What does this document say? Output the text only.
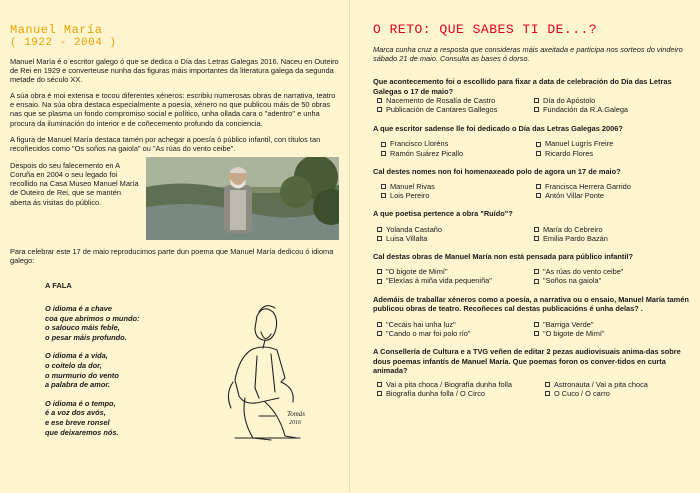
Manuel María
( 1922 - 2004 )

Manuel María é o escritor galego ó que se dedica o Día das Letras Galegas 2016. Naceu en Outeiro de Rei en 1929 e converteuse nunha das figuras máis importantes da literatura galega da segunda metade do século XX.

A súa obra é moi extensa e tocou diferentes xéneros: escribiu numerosas obras de narrativa, teatro e ensaio. Na súa obra destaca especialmente a poesía, xénero no que publicou máis de 50 obras nas que se plasma un fondo compromiso social e político, unha ollada cara o "adentro" e unha procura da iluminación do interior e de coñecemento profundo da conciencia.

A figura de Manuel María destaca tamén por achegar a poesía ó público infantil, con títulos tan recoñecidos como "Os soños na gaiola" ou "As rúas do vento ceibe".

Despois do seu falecemento en A Coruña en 2004 o seu legado foi recollido na Casa Museo Manuel María de Outeiro de Rei, que se mantén aberta ás visitas do público.

Para celebrar este 17 de maio reproducimos parte dun poema que Manuel María dedicou ó idioma galego:

A FALA
O idioma é a chave
coa que abrimos o mundo:
o salouco máis feble,
o pesar máis profundo.
O idioma é a vida,
o coitelo da dor,
o murmurio do vento
a palabra de amor.
O idioma é o tempo,
é a voz dos avós,
e ese breve ronsel
que deixaremos nós.
Tomás
2016
O RETO: QUE SABES TI DE...?
Marca cunha cruz a resposta que consideras máis axeitada e participa nos sorteos do vindeiro sábado 21 de maio. Consulta as bases ó dorso.
Que acontecemento foi o escollido para fixar a data de celebración do Día das Letras Galegas o 17 de maio?
Nacemento de Rosalía de Castro	Día do Apóstolo
Publicación de Cantares Gallegos	Fundación da R.A.Galega
A que escritor sadense lle foi dedicado o Día das Letras Galegas 2006?
Francisco Lloréns	Manuel Lugrís Freire
Ramón Suárez Picallo	Ricardo Flores
Cal destes nomes non foi homenaxeado polo de agora un 17 de maio?
Manuel Rivas	Francisca Herrera Garrido
Lois Pereiro	Antón Villar Ponte
A que poetisa pertence a obra "Ruído"?
Yolanda Castaño	María do Cebreiro
Luisa Villalta	Emilia Pardo Bazán
Cal destas obras de Manuel María non está pensada para público infantil?
"O bigote de Mimí"	"As rúas do vento ceibe"
"Elexías á miña vida pequeniña"	"Soños na gaiola"
Ademáis de traballar xéneros como a poesía, a narrativa ou o ensaio, Manuel María tamén publicou obras de teatro. Recoñeces cal destas publicacións é unha delas? .
"Cecáis hai unha luz"	"Barriga Verde"
"Cando o mar foi polo río"	"O bigote de Mimí"
A Consellería de Cultura e a TVG veñen de editar 2 pezas audiovisuais anima-das sobre dous poemas infantís de Manuel María. Que poemas foron os conver-tidos en curta animada?
Vai a pita choca / Biografía dunha folla	Astronauta / Vai a pita choca
Biografía dunha folla / O Circo	O Cuco / O carro
